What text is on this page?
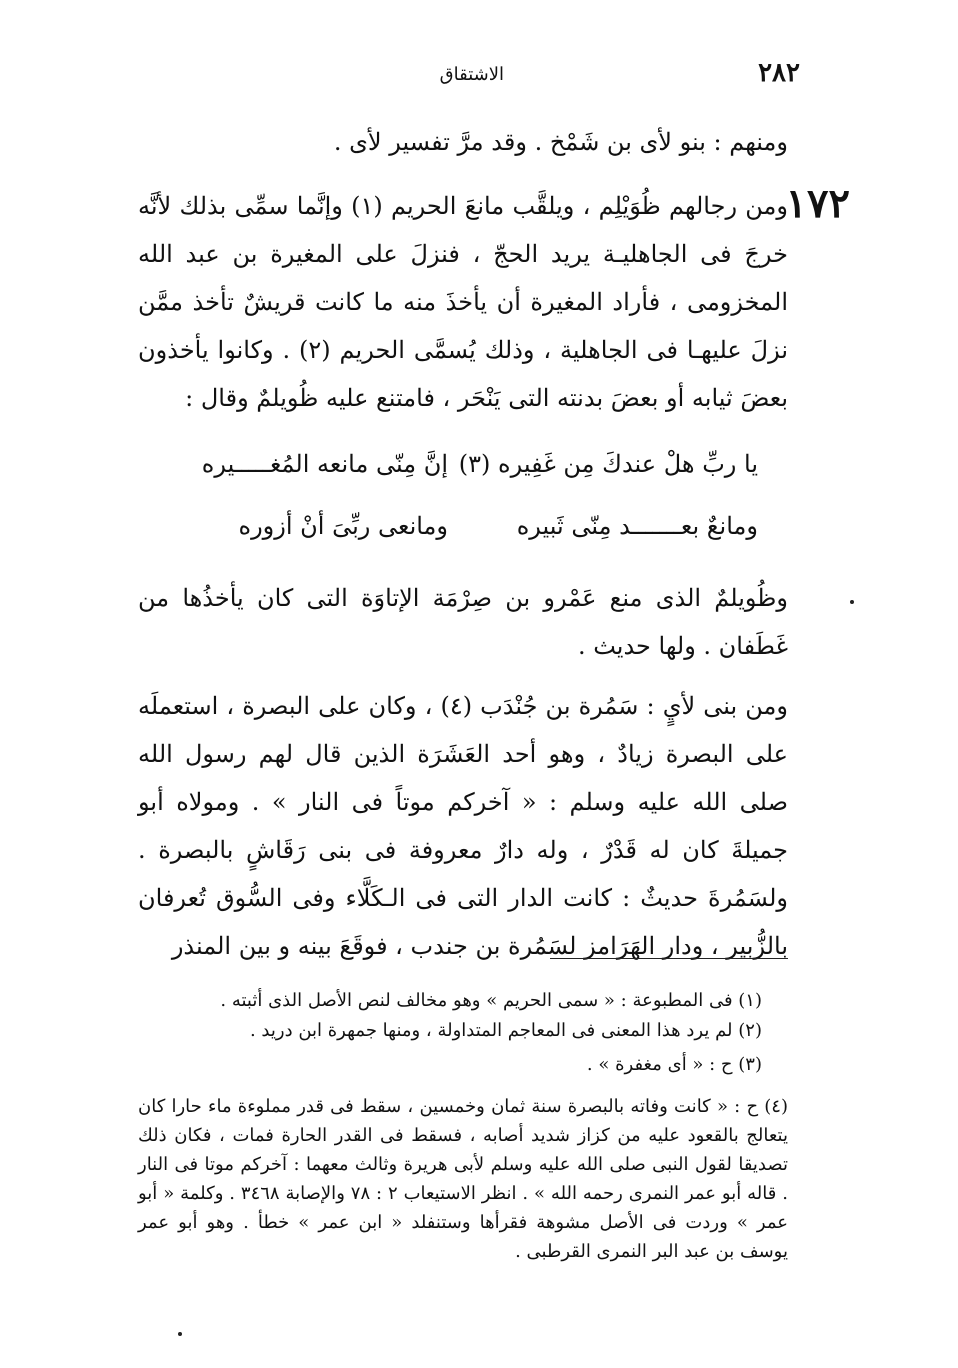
٢٨٢
الاشتقاق
ومنهم : بنو لأى بن شَمْخ . وقد مرَّ تفسير لأى .
١٧٢
ومن رجالهم ظُوَيْلِم ، ويلقَّب مانعَ الحريم (١) وإنَّما سمِّى بذلك لأنَّه خرجَ فى الجاهليـة يريد الحجّ ، فنزلَ على المغيرة بن عبد الله المخزومى ، فأراد المغيرة أن يأخذَ منه ما كانت قريشٌ تأخذ ممَّن نزلَ عليهـا فى الجاهلية ، وذلك يُسمَّى الحريم (٢) . وكانوا يأخذون بعضَ ثيابه أو بعضَ بدنته التى يَنْحَر ، فامتنع عليه ظُويلمٌ وقال :
يا ربِّ هلْ عندكَ مِن غَفِيره (٣)
إنَّ مِنّى مانعه المُغـــــيره
ومانعٌ بعـــــــد مِنّى ثَبيره
ومانعى ربِّىَ أنْ أزوره
وظُويلمٌ الذى منع عَمْرو بن صِرْمَة الإتاوَة التى كان يأخذُها من غَطَفان . ولها حديث .
ومن بنى لأيٍ : سَمُرة بن جُنْدَب (٤) ، وكان على البصرة ، استعملَه على البصرة زيادٌ ، وهو أحد العَشَرَة الذين قال لهم رسول الله صلى الله عليه وسلم : « آخركم موتاً فى النار » . ومولاه أبو جميلةَ كان له قَدْرٌ ، وله دارٌ معروفة فى بنى رَقَاشٍ بالبصرة . ولسَمُرةَ حديثٌ : كانت الدار التى فى الـكَلَّاء وفى السُّوق تُعرفان بالزُّبير ، ودار الهَرَامز لسَمُرة بن جندب ، فوقَعَ بينه و بين المنذر
(١) فى المطبوعة : « سمى الحريم » وهو مخالف لنص الأصل الذى أثبته .
(٢) لم يرد هذا المعنى فى المعاجم المتداولة ، ومنها جمهرة ابن دريد .
(٣) ح : « أى مغفرة » .
(٤) ح : « كانت وفاته بالبصرة سنة ثمان وخمسين ، سقط فى قدر مملوءة ماء حارا كان يتعالج بالقعود عليه من كزاز شديد أصابه ، فسقط فى القدر الحارة فمات ، فكان ذلك تصديقا لقول النبى صلى الله عليه وسلم لأبى هريرة وثالث معهما : آخركم موتا فى النار . قاله أبو عمر النمرى رحمه الله » . انظر الاستيعاب ٢ : ٧٨ والإصابة ٣٤٦٨ . وكلمة « أبو عمر » وردت فى الأصل مشوهة فقرأها وستنفلد « ابن عمر » خطأ . وهو أبو عمر يوسف بن عبد البر النمرى القرطبى .
